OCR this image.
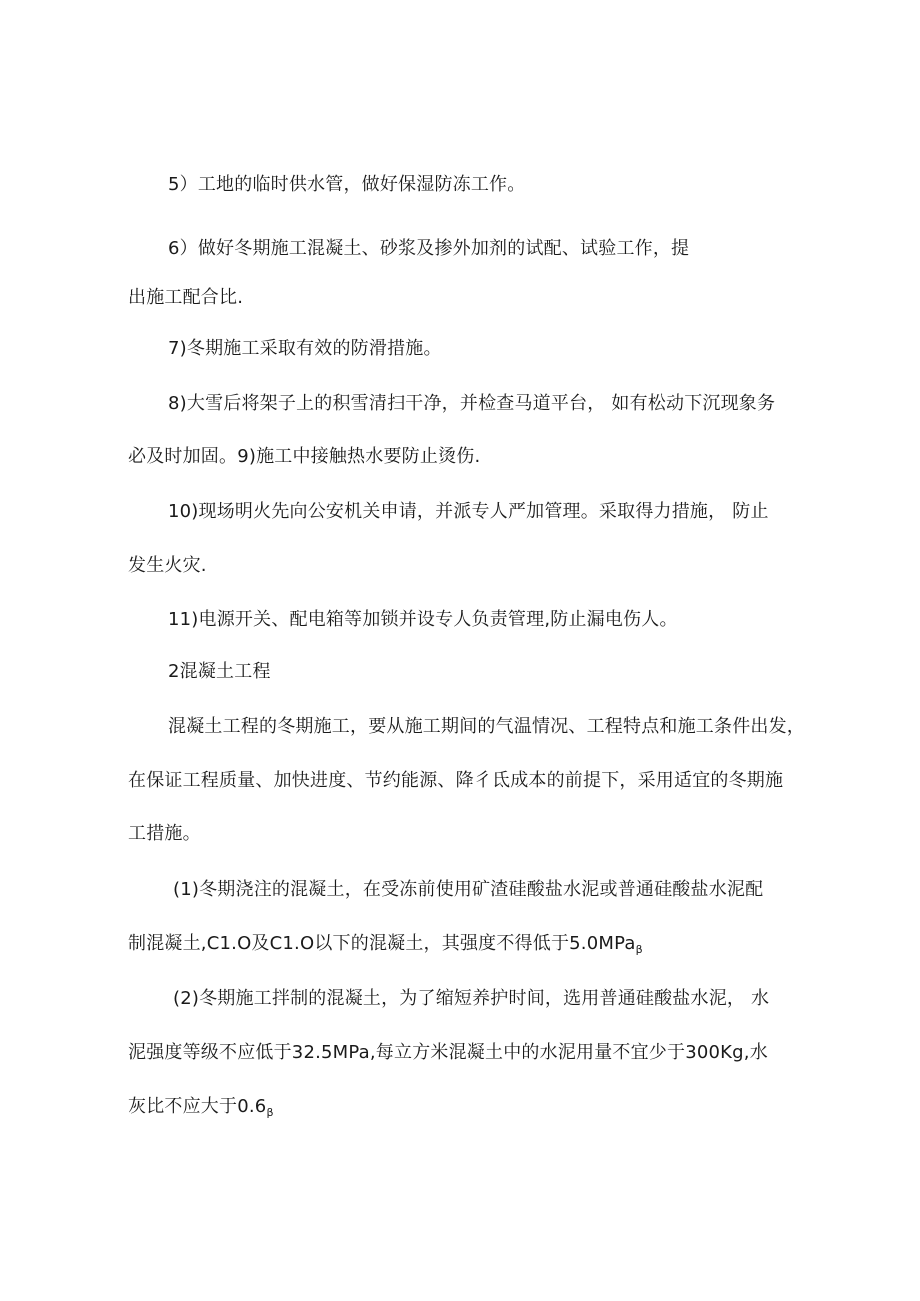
5）工地的临时供水管，做好保湿防冻工作。
6）做好冬期施工混凝土、砂浆及掺外加剂的试配、试验工作，提
出施工配合比.
7)冬期施工采取有效的防滑措施。
8)大雪后将架子上的积雪清扫干净，并检查马道平台， 如有松动下沉现象务
必及时加固。9)施工中接触热水要防止烫伤.
10)现场明火先向公安机关申请，并派专人严加管理。采取得力措施， 防止
发生火灾.
11)电源开关、配电箱等加锁并设专人负责管理,防止漏电伤人。
2混凝土工程
混凝土工程的冬期施工，要从施工期间的气温情况、工程特点和施工条件出发，
在保证工程质量、加快进度、节约能源、降彳氐成本的前提下，采用适宜的冬期施
工措施。
(1)冬期浇注的混凝土，在受冻前使用矿渣硅酸盐水泥或普通硅酸盐水泥配
制混凝土,C1.O及C1.O以下的混凝土，其强度不得低于5.0MPa$_\beta$
(2)冬期施工拌制的混凝土，为了缩短养护时间，选用普通硅酸盐水泥， 水
泥强度等级不应低于32.5MPa,每立方米混凝土中的水泥用量不宜少于300Kg,水
灰比不应大于$0.6_\beta$
